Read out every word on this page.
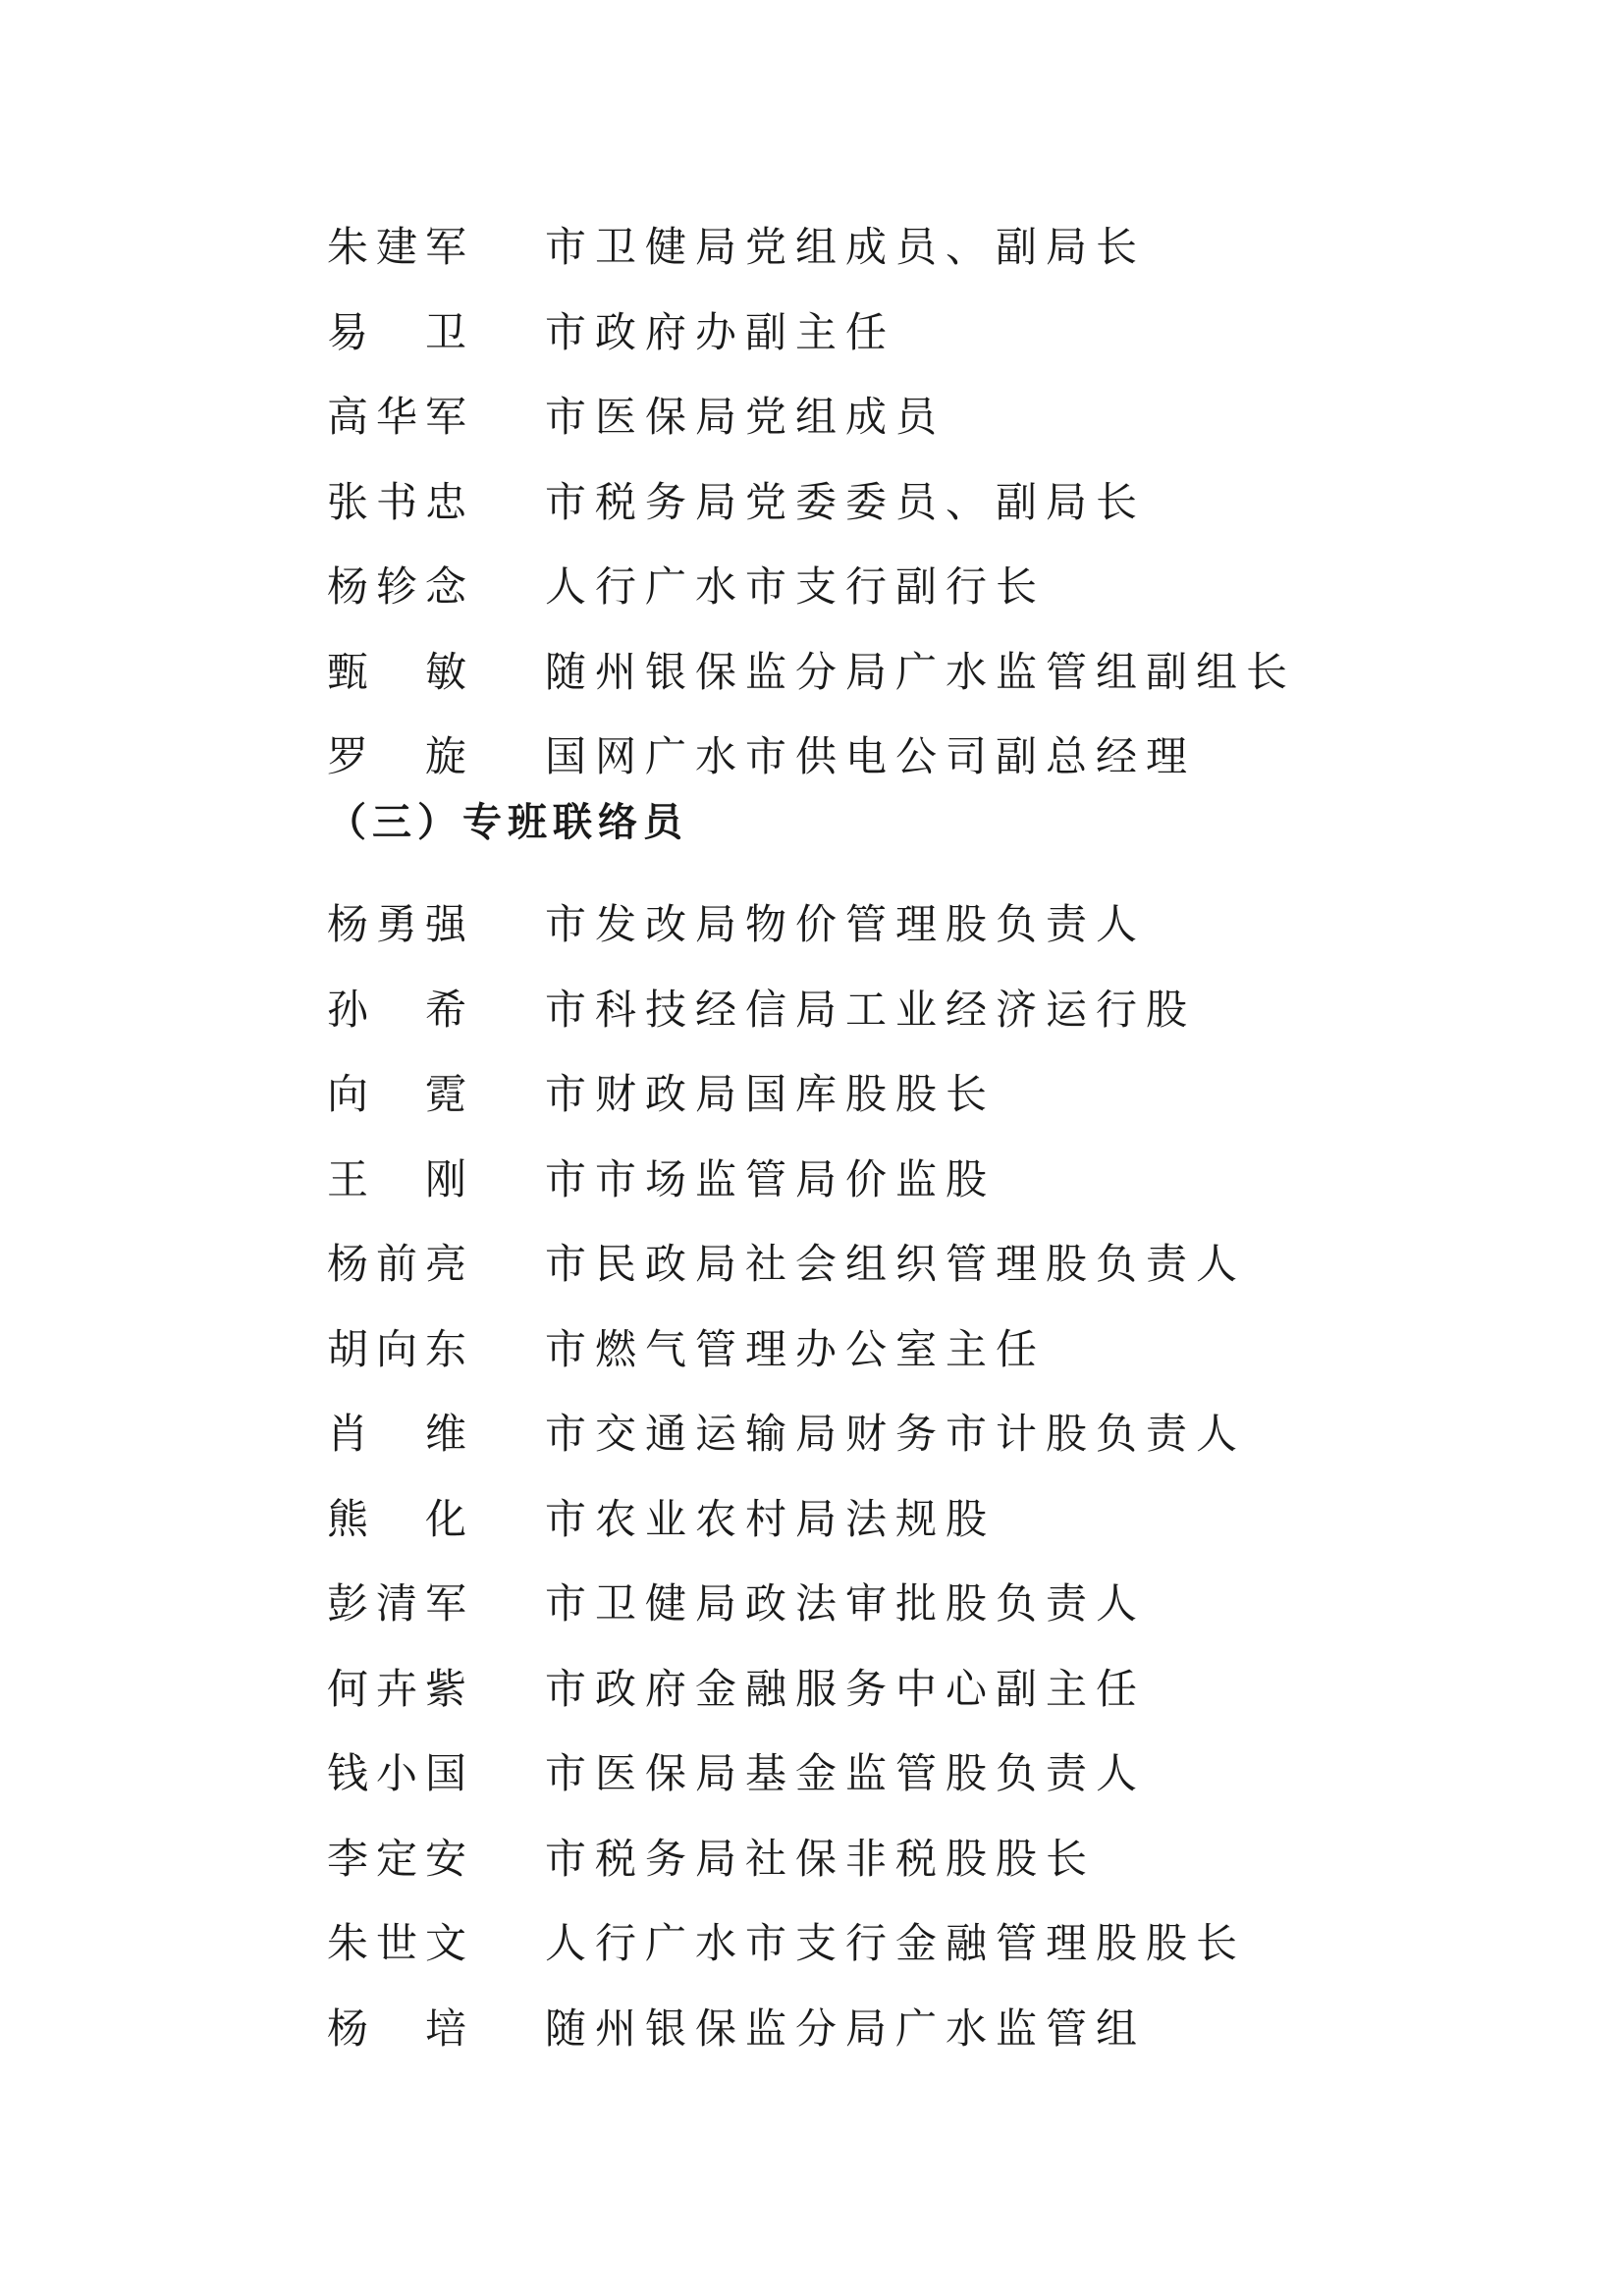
朱建军	市卫健局党组成员、副局长
易　卫	市政府办副主任
高华军	市医保局党组成员
张书忠	市税务局党委委员、副局长
杨轸念	人行广水市支行副行长
甄　敏	随州银保监分局广水监管组副组长
罗　旋	国网广水市供电公司副总经理
（三）专班联络员
杨勇强	市发改局物价管理股负责人
孙　希	市科技经信局工业经济运行股
向　霓	市财政局国库股股长
王　刚	市市场监管局价监股
杨前亮	市民政局社会组织管理股负责人
胡向东	市燃气管理办公室主任
肖　维	市交通运输局财务市计股负责人
熊　化	市农业农村局法规股
彭清军	市卫健局政法审批股负责人
何卉紫	市政府金融服务中心副主任
钱小国	市医保局基金监管股负责人
李定安	市税务局社保非税股股长
朱世文	人行广水市支行金融管理股股长
杨　培	随州银保监分局广水监管组
